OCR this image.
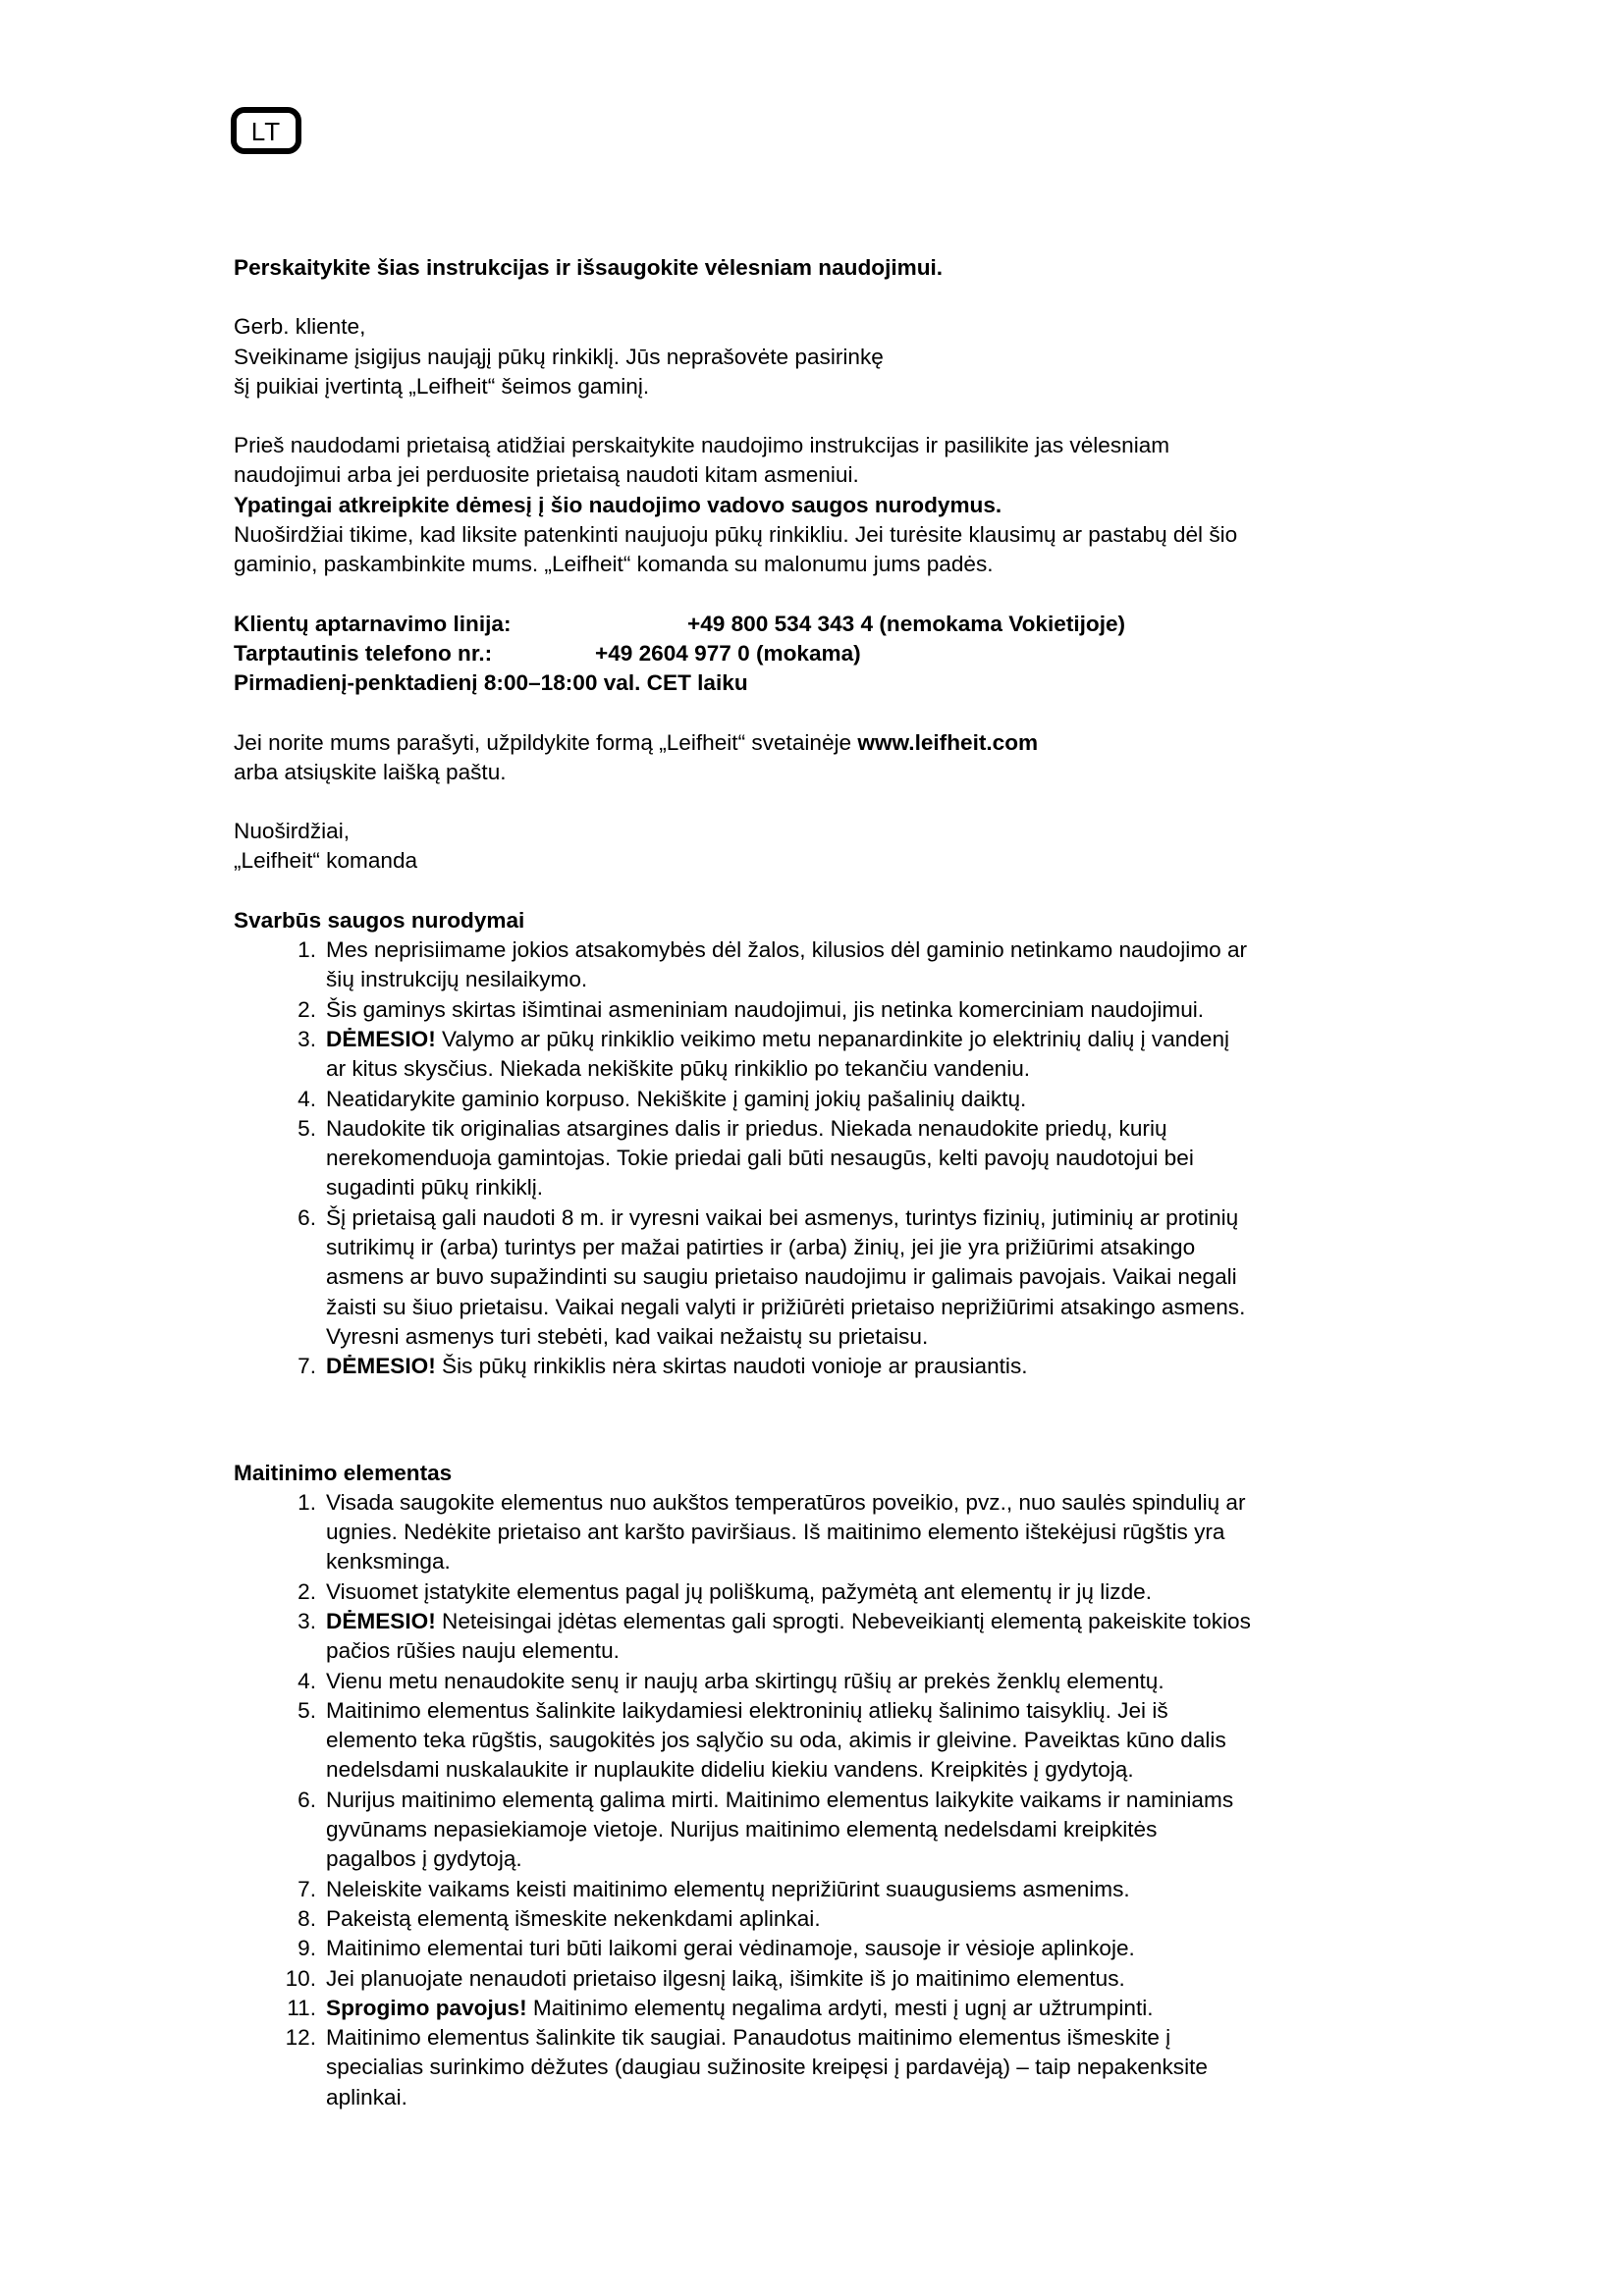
LT

Perskaitykite šias instrukcijas ir išsaugokite vėlesniam naudojimui.

Gerb. kliente,

Sveikiname įsigijus naująjį pūkų rinkiklį. Jūs neprašovėte pasirinkę

šį puikiai įvertintą „Leifheit“ šeimos gaminį.

Prieš naudodami prietaisą atidžiai perskaitykite naudojimo instrukcijas ir pasilikite jas vėlesniam

naudojimui arba jei perduosite prietaisą naudoti kitam asmeniui.

Ypatingai atkreipkite dėmesį į šio naudojimo vadovo saugos nurodymus.

Nuoširdžiai tikime, kad liksite patenkinti naujuoju pūkų rinkikliu. Jei turėsite klausimų ar pastabų dėl šio

gaminio, paskambinkite mums. „Leifheit“ komanda su malonumu jums padės.

Klientų aptarnavimo linija:	+49 800 534 343 4 (nemokama Vokietijoje)
Tarptautinis telefono nr.:	+49 2604 977 0 (mokama)

Pirmadienį-penktadienį 8:00–18:00 val. CET laiku

Jei norite mums parašyti, užpildykite formą „Leifheit“ svetainėje www.leifheit.com

arba atsiųskite laišką paštu.

Nuoširdžiai,

„Leifheit“ komanda

Svarbūs saugos nurodymai

1. Mes neprisiimame jokios atsakomybės dėl žalos, kilusios dėl gaminio netinkamo naudojimo ar
šių instrukcijų nesilaikymo.
2. Šis gaminys skirtas išimtinai asmeniniam naudojimui, jis netinka komerciniam naudojimui.
3. DĖMESIO! Valymo ar pūkų rinkiklio veikimo metu nepanardinkite jo elektrinių dalių į vandenį
ar kitus skysčius. Niekada nekiškite pūkų rinkiklio po tekančiu vandeniu.
4. Neatidarykite gaminio korpuso. Nekiškite į gaminį jokių pašalinių daiktų.
5. Naudokite tik originalias atsargines dalis ir priedus. Niekada nenaudokite priedų, kurių
nerekomenduoja gamintojas. Tokie priedai gali būti nesaugūs, kelti pavojų naudotojui bei
sugadinti pūkų rinkiklį.
6. Šį prietaisą gali naudoti 8 m. ir vyresni vaikai bei asmenys, turintys fizinių, jutiminių ar protinių
sutrikimų ir (arba) turintys per mažai patirties ir (arba) žinių, jei jie yra prižiūrimi atsakingo
asmens ar buvo supažindinti su saugiu prietaiso naudojimu ir galimais pavojais. Vaikai negali
žaisti su šiuo prietaisu. Vaikai negali valyti ir prižiūrėti prietaiso neprižiūrimi atsakingo asmens.
Vyresni asmenys turi stebėti, kad vaikai nežaistų su prietaisu.
7. DĖMESIO! Šis pūkų rinkiklis nėra skirtas naudoti vonioje ar prausiantis.

Maitinimo elementas

1. Visada saugokite elementus nuo aukštos temperatūros poveikio, pvz., nuo saulės spindulių ar
ugnies. Nedėkite prietaiso ant karšto paviršiaus. Iš maitinimo elemento ištekėjusi rūgštis yra
kenksminga.
2. Visuomet įstatykite elementus pagal jų poliškumą, pažymėtą ant elementų ir jų lizde.
3. DĖMESIO! Neteisingai įdėtas elementas gali sprogti. Nebeveikiantį elementą pakeiskite tokios
pačios rūšies nauju elementu.
4. Vienu metu nenaudokite senų ir naujų arba skirtingų rūšių ar prekės ženklų elementų.
5. Maitinimo elementus šalinkite laikydamiesi elektroninių atliekų šalinimo taisyklių. Jei iš
elemento teka rūgštis, saugokitės jos sąlyčio su oda, akimis ir gleivine. Paveiktas kūno dalis
nedelsdami nuskalaukite ir nuplaukite dideliu kiekiu vandens. Kreipkitės į gydytoją.
6. Nurijus maitinimo elementą galima mirti. Maitinimo elementus laikykite vaikams ir naminiams
gyvūnams nepasiekiamoje vietoje. Nurijus maitinimo elementą nedelsdami kreipkitės
pagalbos į gydytoją.
7. Neleiskite vaikams keisti maitinimo elementų neprižiūrint suaugusiems asmenims.
8. Pakeistą elementą išmeskite nekenkdami aplinkai.
9. Maitinimo elementai turi būti laikomi gerai vėdinamoje, sausoje ir vėsioje aplinkoje.
10. Jei planuojate nenaudoti prietaiso ilgesnį laiką, išimkite iš jo maitinimo elementus.
11. Sprogimo pavojus! Maitinimo elementų negalima ardyti, mesti į ugnį ar užtrumpinti.
12. Maitinimo elementus šalinkite tik saugiai. Panaudotus maitinimo elementus išmeskite į
specialias surinkimo dėžutes (daugiau sužinosite kreipęsi į pardavėją) – taip nepakenksite
aplinkai.
